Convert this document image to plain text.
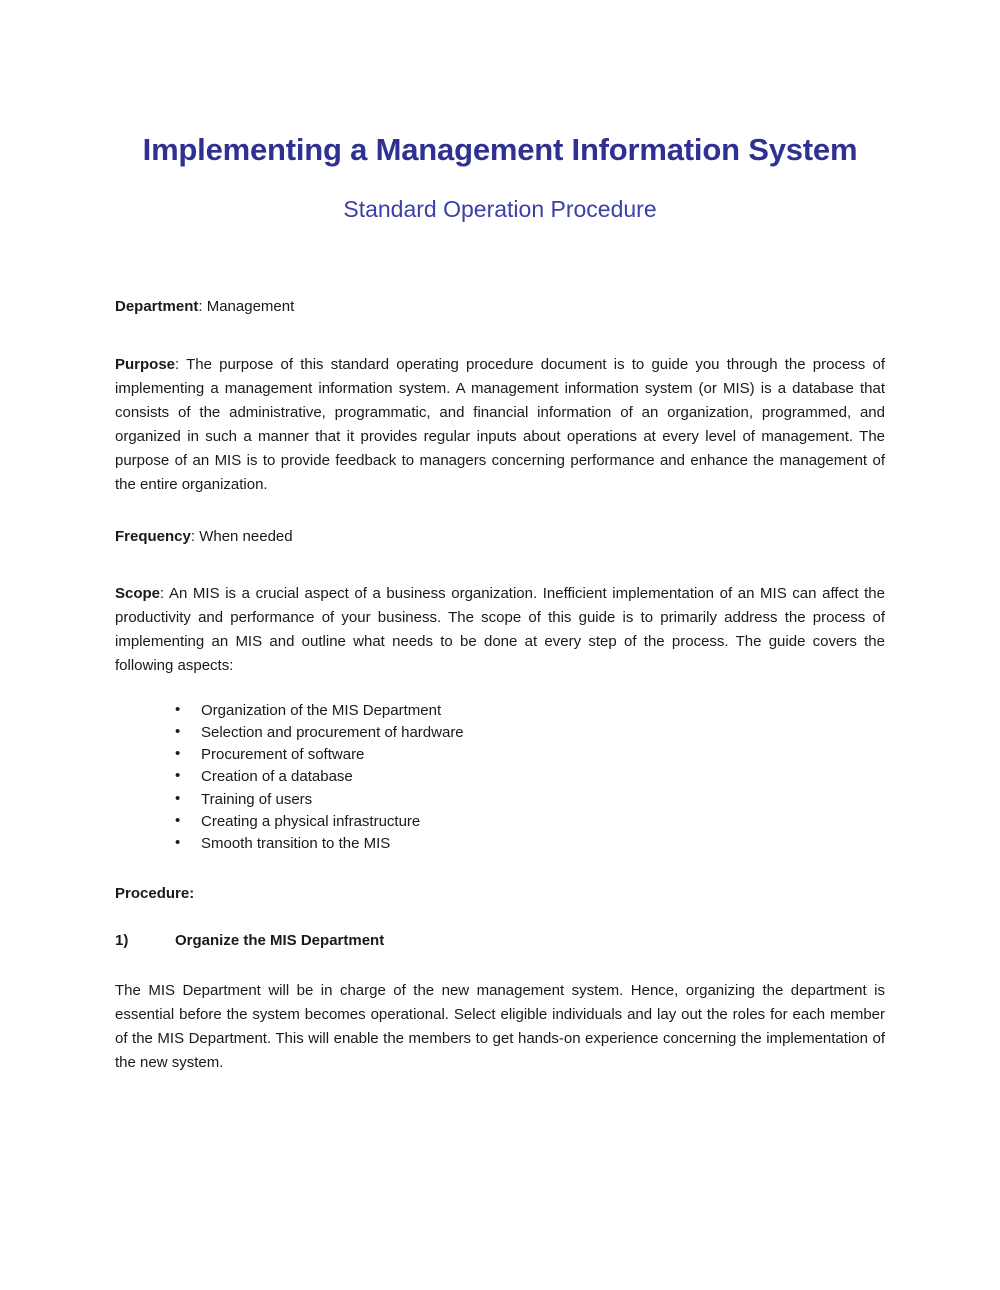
Implementing a Management Information System
Standard Operation Procedure

Department: Management

Purpose: The purpose of this standard operating procedure document is to guide you through the process of implementing a management information system. A management information system (or MIS) is a database that consists of the administrative, programmatic, and financial information of an organization, programmed, and organized in such a manner that it provides regular inputs about operations at every level of management. The purpose of an MIS is to provide feedback to managers concerning performance and enhance the management of the entire organization.

Frequency: When needed

Scope: An MIS is a crucial aspect of a business organization. Inefficient implementation of an MIS can affect the productivity and performance of your business. The scope of this guide is to primarily address the process of implementing an MIS and outline what needs to be done at every step of the process. The guide covers the following aspects:

• Organization of the MIS Department
• Selection and procurement of hardware
• Procurement of software
• Creation of a database
• Training of users
• Creating a physical infrastructure
• Smooth transition to the MIS

Procedure:

1)	Organize the MIS Department

The MIS Department will be in charge of the new management system. Hence, organizing the department is essential before the system becomes operational. Select eligible individuals and lay out the roles for each member of the MIS Department. This will enable the members to get hands-on experience concerning the implementation of the new system.
